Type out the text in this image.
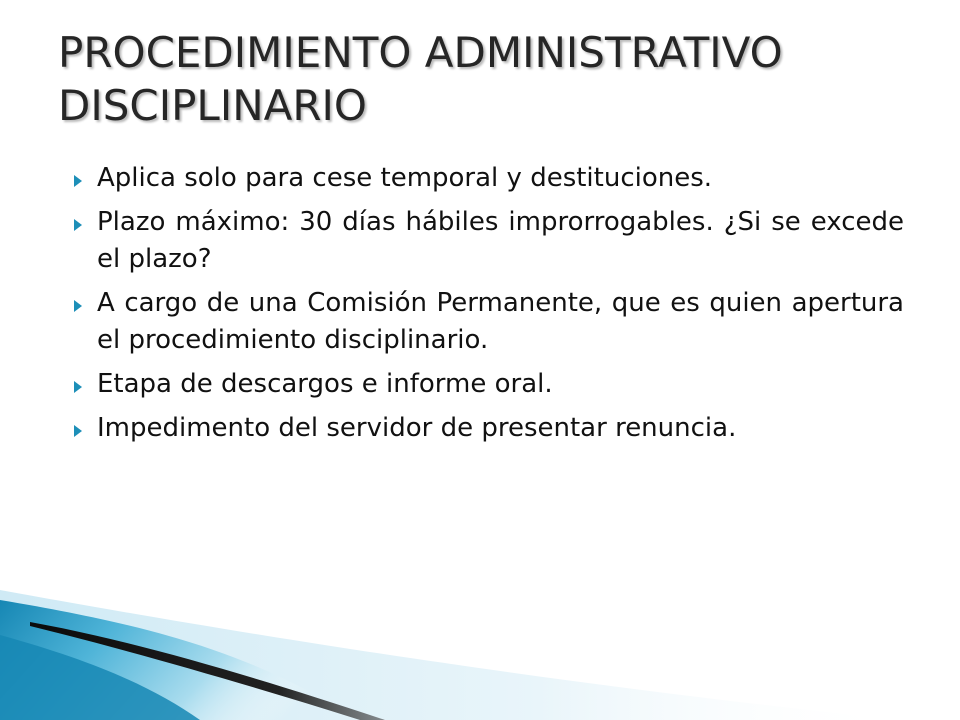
PROCEDIMIENTO ADMINISTRATIVO DISCIPLINARIO
Aplica solo para cese temporal y destituciones.
Plazo máximo: 30 días hábiles improrrogables. ¿Si se excede el plazo?
A cargo de una Comisión Permanente, que es quien apertura el procedimiento disciplinario.
Etapa de descargos e informe oral.
Impedimento del servidor de presentar renuncia.
